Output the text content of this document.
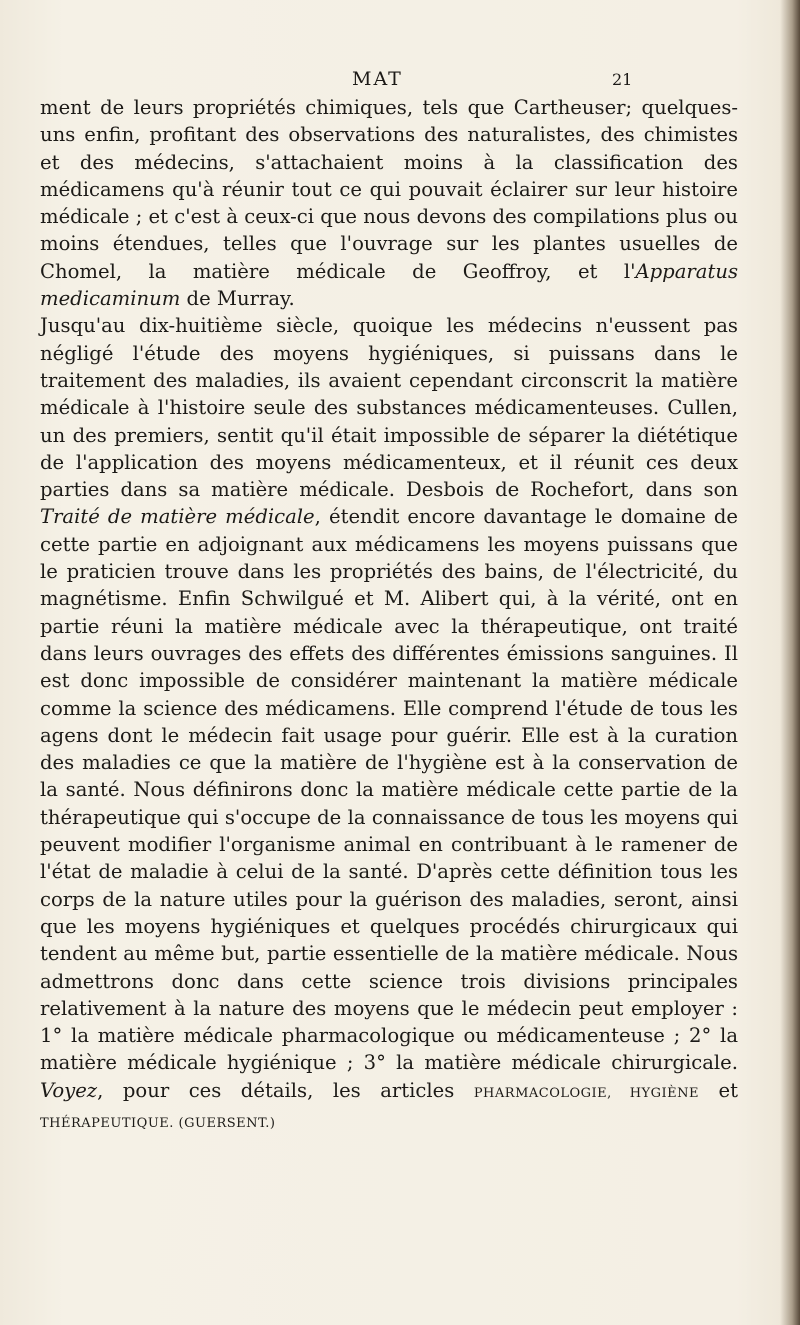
MAT	21

ment de leurs propriétés chimiques, tels que Cartheuser; quelques-uns enfin, profitant des observations des naturalistes, des chimistes et des médecins, s'attachaient moins à la classification des médicamens qu'à réunir tout ce qui pouvait éclairer sur leur histoire médicale ; et c'est à ceux-ci que nous devons des compilations plus ou moins étendues, telles que l'ouvrage sur les plantes usuelles de Chomel, la matière médicale de Geoffroy, et l'Apparatus medicaminum de Murray.

Jusqu'au dix-huitième siècle, quoique les médecins n'eussent pas négligé l'étude des moyens hygiéniques, si puissans dans le traitement des maladies, ils avaient cependant circonscrit la matière médicale à l'histoire seule des substances médicamenteuses. Cullen, un des premiers, sentit qu'il était impossible de séparer la diététique de l'application des moyens médicamenteux, et il réunit ces deux parties dans sa matière médicale. Desbois de Rochefort, dans son Traité de matière médicale, étendit encore davantage le domaine de cette partie en adjoignant aux médicamens les moyens puissans que le praticien trouve dans les propriétés des bains, de l'électricité, du magnétisme. Enfin Schwilgué et M. Alibert qui, à la vérité, ont en partie réuni la matière médicale avec la thérapeutique, ont traité dans leurs ouvrages des effets des différentes émissions sanguines. Il est donc impossible de considérer maintenant la matière médicale comme la science des médicamens. Elle comprend l'étude de tous les agens dont le médecin fait usage pour guérir. Elle est à la curation des maladies ce que la matière de l'hygiène est à la conservation de la santé. Nous définirons donc la matière médicale cette partie de la thérapeutique qui s'occupe de la connaissance de tous les moyens qui peuvent modifier l'organisme animal en contribuant à le ramener de l'état de maladie à celui de la santé. D'après cette définition tous les corps de la nature utiles pour la guérison des maladies, seront, ainsi que les moyens hygiéniques et quelques procédés chirurgicaux qui tendent au même but, partie essentielle de la matière médicale. Nous admettrons donc dans cette science trois divisions principales relativement à la nature des moyens que le médecin peut employer : 1° la matière médicale pharmacologique ou médicamenteuse ; 2° la matière médicale hygiénique ; 3° la matière médicale chirurgicale. Voyez, pour ces détails, les articles PHARMACOLOGIE, HYGIÈNE et THÉRAPEUTIQUE. (GUERSENT.)
